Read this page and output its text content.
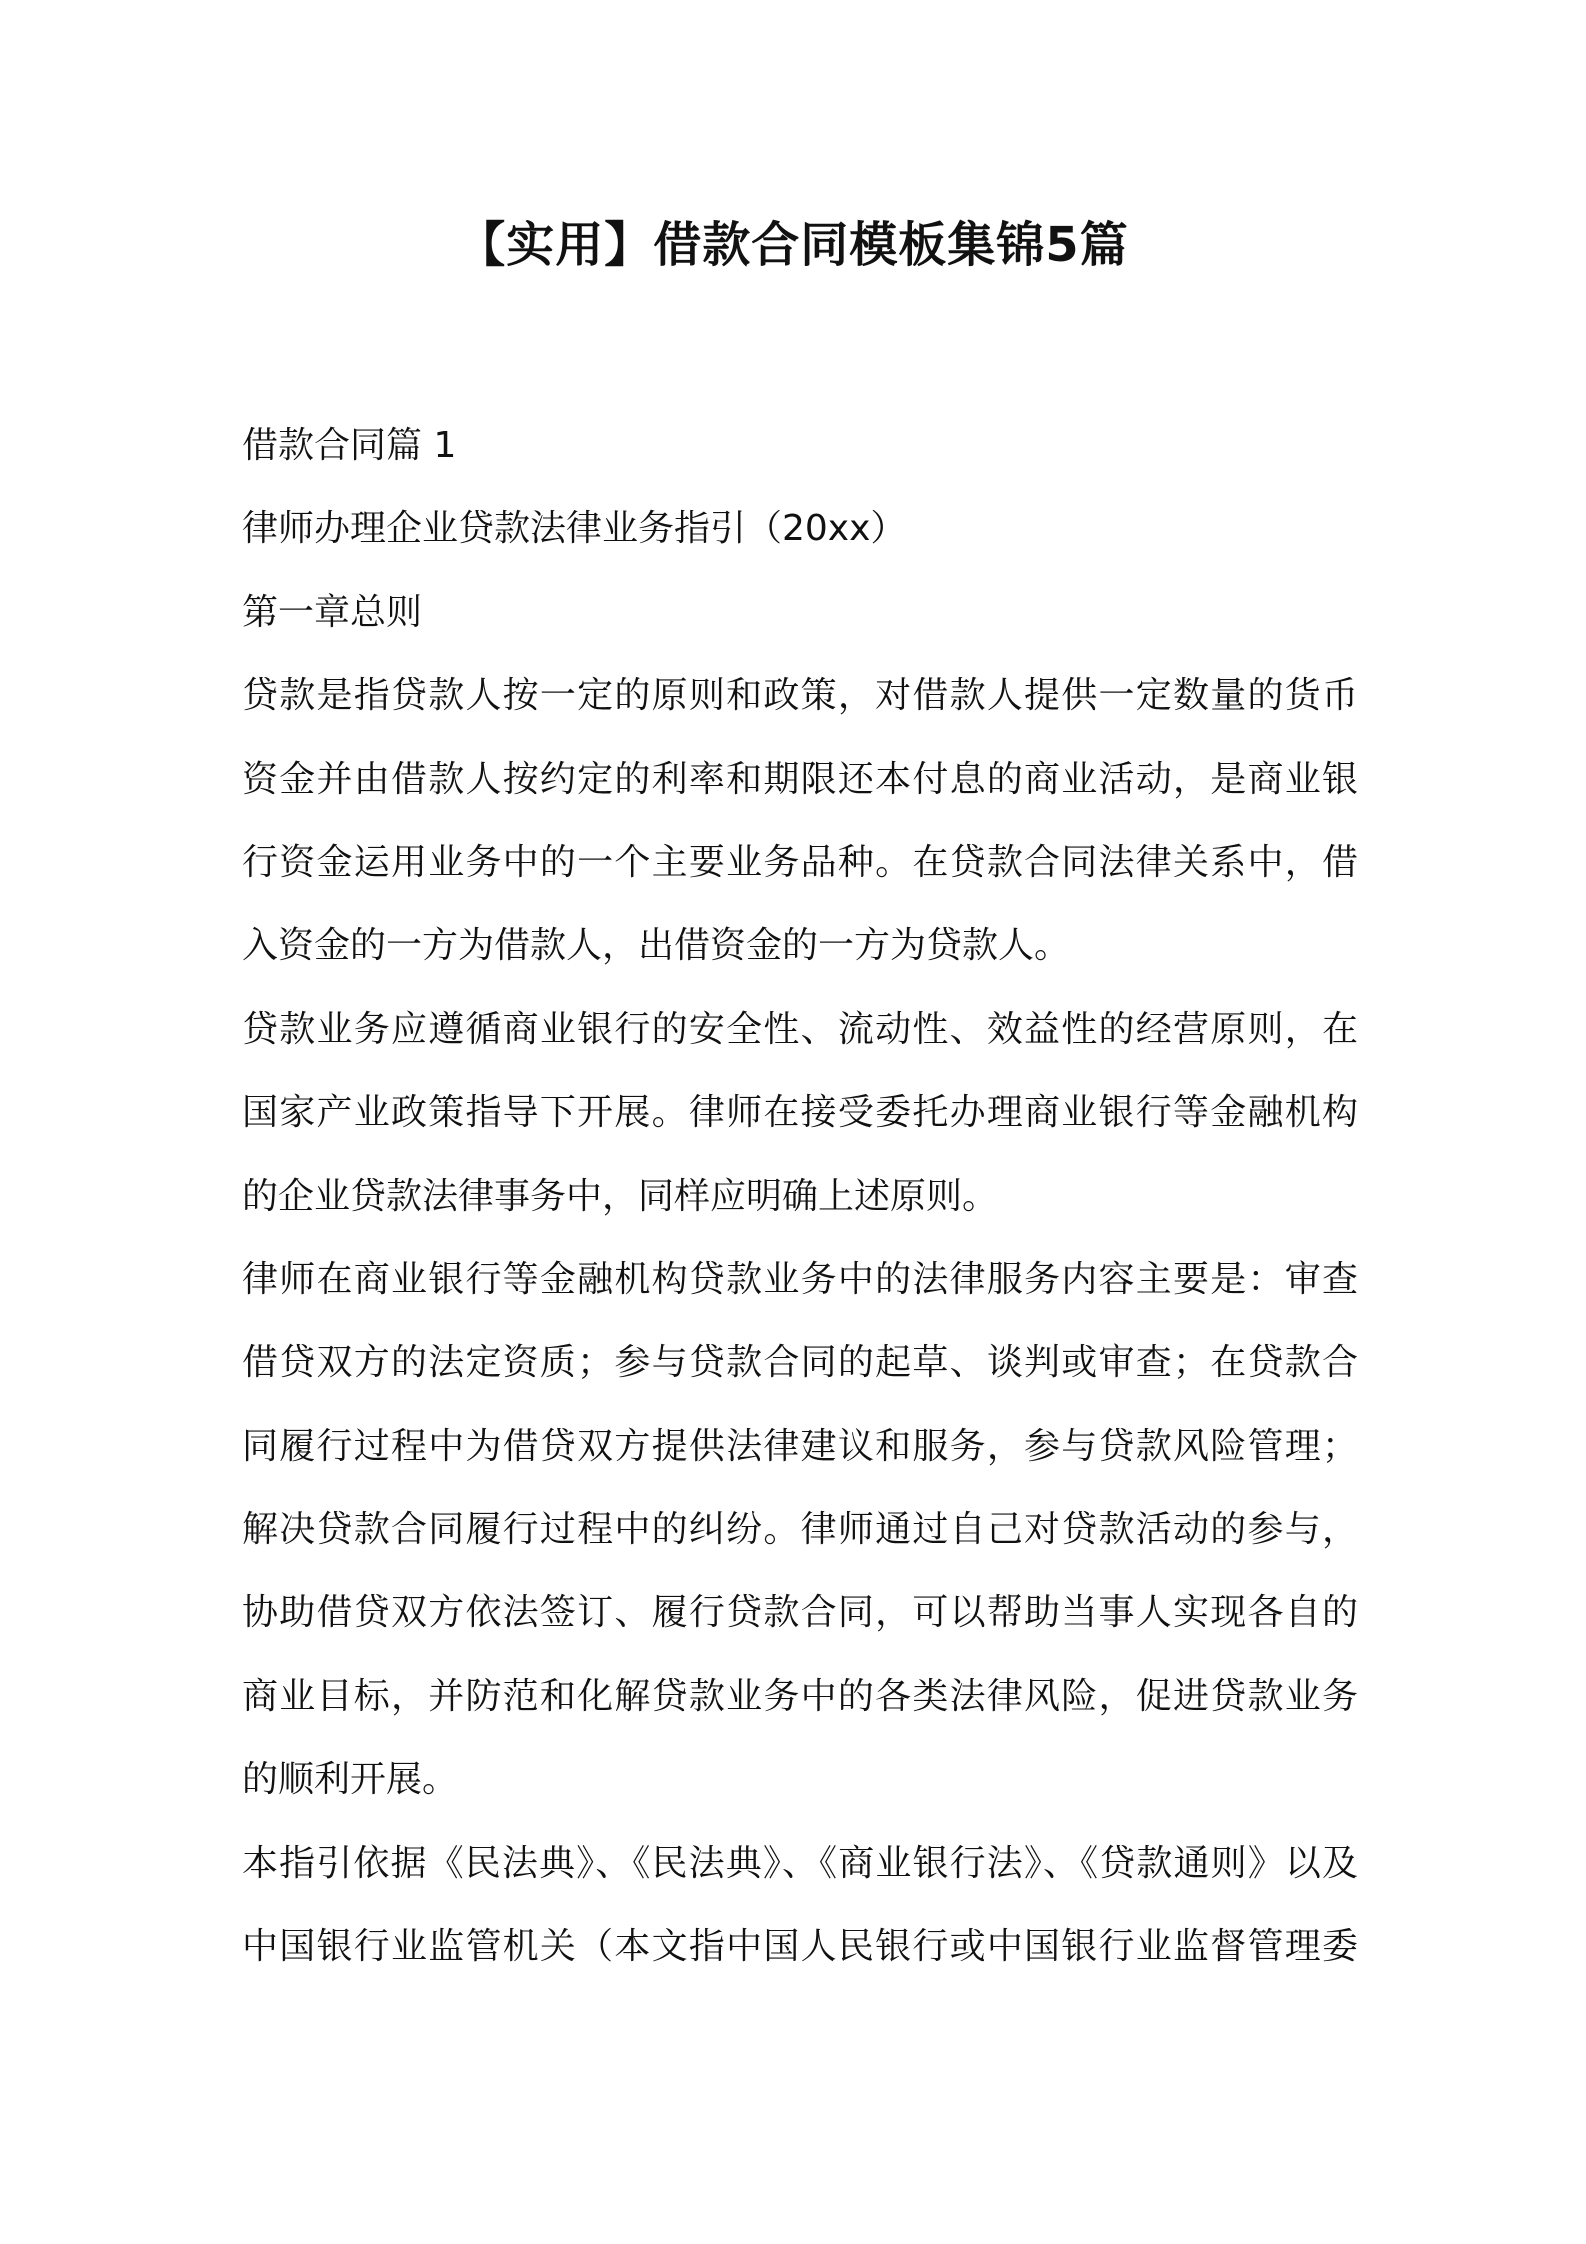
【实用】借款合同模板集锦5篇
借款合同篇 1
律师办理企业贷款法律业务指引（20xx）
第一章总则
贷款是指贷款人按一定的原则和政策，对借款人提供一定数量的货币
资金并由借款人按约定的利率和期限还本付息的商业活动，是商业银
行资金运用业务中的一个主要业务品种。在贷款合同法律关系中，借
入资金的一方为借款人，出借资金的一方为贷款人。
贷款业务应遵循商业银行的安全性、流动性、效益性的经营原则，在
国家产业政策指导下开展。律师在接受委托办理商业银行等金融机构
的企业贷款法律事务中，同样应明确上述原则。
律师在商业银行等金融机构贷款业务中的法律服务内容主要是：审查
借贷双方的法定资质；参与贷款合同的起草、谈判或审查；在贷款合
同履行过程中为借贷双方提供法律建议和服务，参与贷款风险管理；
解决贷款合同履行过程中的纠纷。律师通过自己对贷款活动的参与，
协助借贷双方依法签订、履行贷款合同，可以帮助当事人实现各自的
商业目标，并防范和化解贷款业务中的各类法律风险，促进贷款业务
的顺利开展。
本指引依据《民法典》、《民法典》、《商业银行法》、《贷款通则》以及
中国银行业监管机关（本文指中国人民银行或中国银行业监督管理委
